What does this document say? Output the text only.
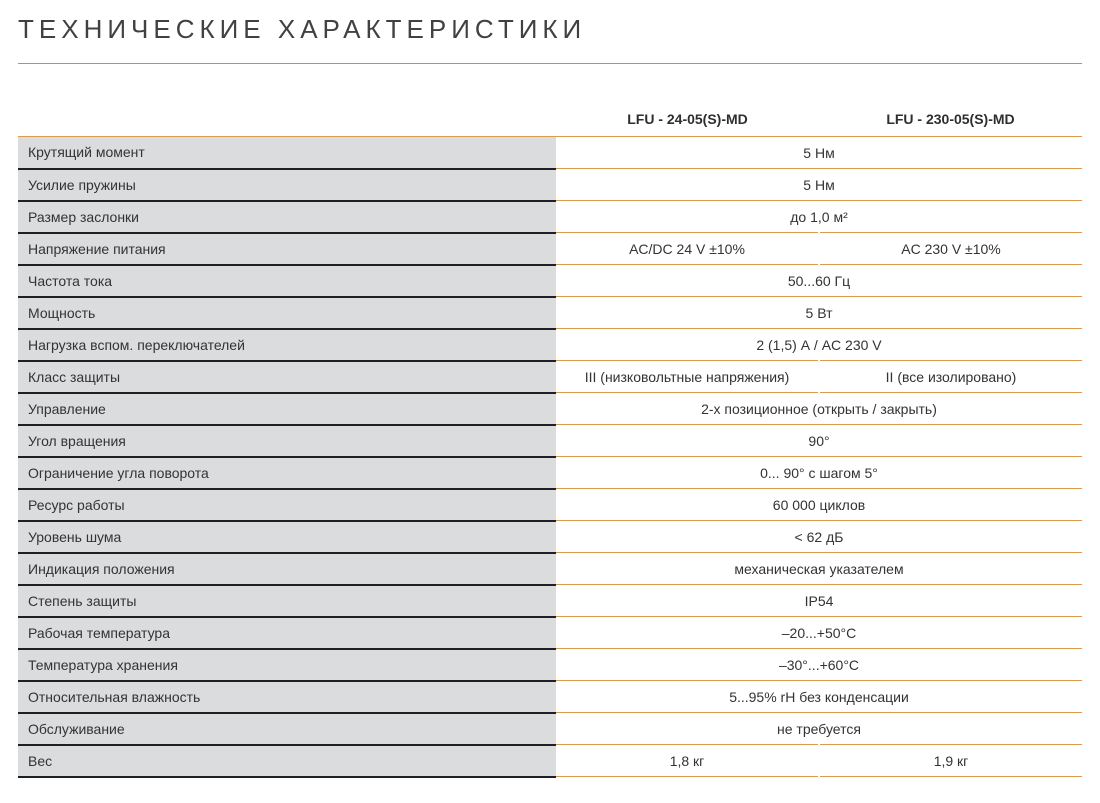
ТЕХНИЧЕСКИЕ ХАРАКТЕРИСТИКИ
	LFU - 24-05(S)-MD	LFU - 230-05(S)-MD
Крутящий момент	5 Нм	
Усилие пружины	5 Нм	
Размер заслонки	до 1,0 м²	
Напряжение питания	AC/DC 24 V ±10%	AC 230 V ±10%
Частота тока	50...60 Гц	
Мощность	5 Вт	
Нагрузка вспом. переключателей	2 (1,5) А / AC 230 V	
Класс защиты	III (низковольтные напряжения)	II (все изолировано)
Управление	2-х позиционное (открыть / закрыть)	
Угол вращения	90°	
Ограничение угла поворота	0... 90° с шагом 5°	
Ресурс работы	60 000 циклов	
Уровень шума	< 62 дБ	
Индикация положения	механическая указателем	
Степень защиты	IP54	
Рабочая температура	–20...+50°C	
Температура хранения	–30°...+60°C	
Относительная влажность	5...95% rH без конденсации	
Обслуживание	не требуется	
Вес	1,8 кг	1,9 кг
